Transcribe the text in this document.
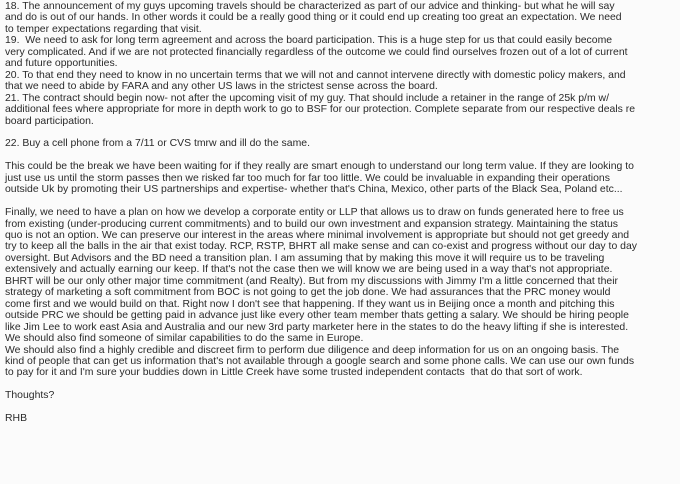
18. The announcement of my guys upcoming travels should be characterized as part of our advice and thinking- but what he will say
and do is out of our hands. In other words it could be a really good thing or it could end up creating too great an expectation. We need
to temper expectations regarding that visit.
19.  We need to ask for long term agreement and across the board participation. This is a huge step for us that could easily become
very complicated. And if we are not protected financially regardless of the outcome we could find ourselves frozen out of a lot of current
and future opportunities.
20. To that end they need to know in no uncertain terms that we will not and cannot intervene directly with domestic policy makers, and
that we need to abide by FARA and any other US laws in the strictest sense across the board.
21. The contract should begin now- not after the upcoming visit of my guy. That should include a retainer in the range of 25k p/m w/
additional fees where appropriate for more in depth work to go to BSF for our protection. Complete separate from our respective deals re
board participation.
22. Buy a cell phone from a 7/11 or CVS tmrw and ill do the same.
This could be the break we have been waiting for if they really are smart enough to understand our long term value. If they are looking to
just use us until the storm passes then we risked far too much for far too little. We could be invaluable in expanding their operations
outside Uk by promoting their US partnerships and expertise- whether that's China, Mexico, other parts of the Black Sea, Poland etc...
Finally, we need to have a plan on how we develop a corporate entity or LLP that allows us to draw on funds generated here to free us
from existing (under-producing current commitments) and to build our own investment and expansion strategy. Maintaining the status
quo is not an option. We can preserve our interest in the areas where minimal involvement is appropriate but should not get greedy and
try to keep all the balls in the air that exist today. RCP, RSTP, BHRT all make sense and can co-exist and progress without our day to day
oversight. But Advisors and the BD need a transition plan. I am assuming that by making this move it will require us to be traveling
extensively and actually earning our keep. If that's not the case then we will know we are being used in a way that's not appropriate.
BHRT will be our only other major time commitment (and Realty). But from my discussions with Jimmy I'm a little concerned that their
strategy of marketing a soft commitment from BOC is not going to get the job done. We had assurances that the PRC money would
come first and we would build on that. Right now I don't see that happening. If they want us in Beijing once a month and pitching this
outside PRC we should be getting paid in advance just like every other team member thats getting a salary. We should be hiring people
like Jim Lee to work east Asia and Australia and our new 3rd party marketer here in the states to do the heavy lifting if she is interested.
We should also find someone of similar capabilities to do the same in Europe.
We should also find a highly credible and discreet firm to perform due diligence and deep information for us on an ongoing basis. The
kind of people that can get us information that's not available through a google search and some phone calls. We can use our own funds
to pay for it and I'm sure your buddies down in Little Creek have some trusted independent contacts  that do that sort of work.
Thoughts?
RHB
